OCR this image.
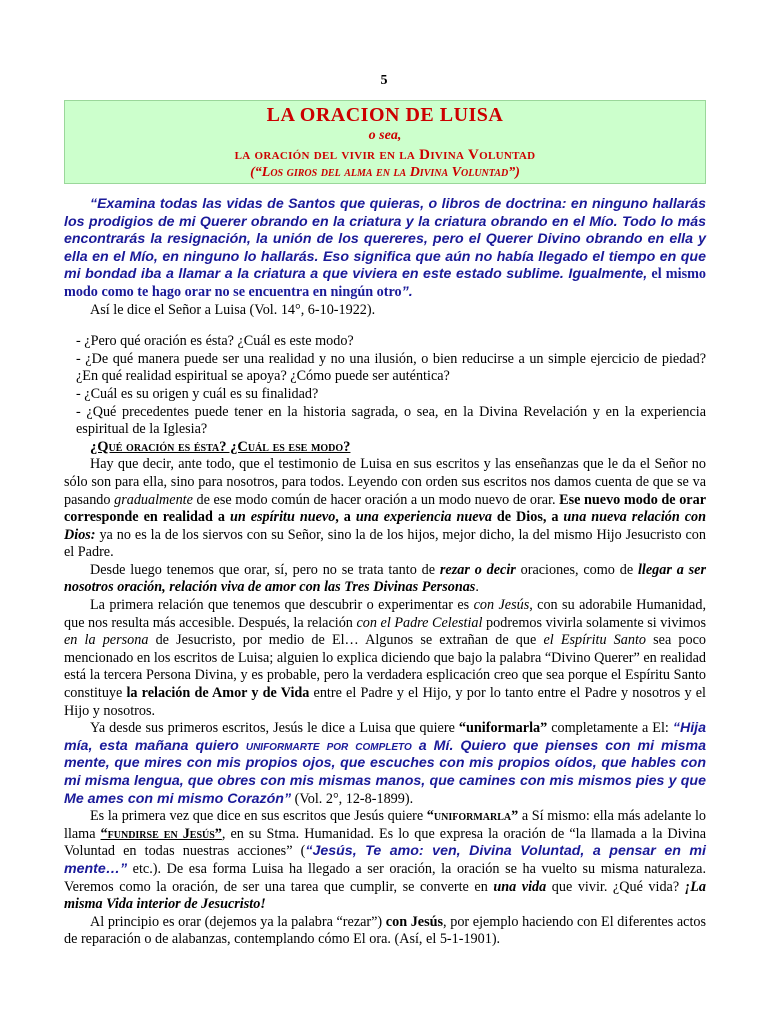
5
LA ORACION DE LUISA
o sea,
la oración del vivir en la Divina Voluntad
(“Los giros del alma en la Divina Voluntad”)

“Examina todas las vidas de Santos que quieras, o libros de doctrina: en ninguno hallarás los prodigios de mi Querer obrando en la criatura y la criatura obrando en el Mío. Todo lo más encontrarás la resignación, la unión de los quereres, pero el Querer Divino obrando en ella y ella en el Mío, en ninguno lo hallarás. Eso significa que aún no había llegado el tiempo en que mi bondad iba a llamar a la criatura a que viviera en este estado sublime. Igualmente, el mismo modo como te hago orar no se encuentra en ningún otro”.

Así le dice el Señor a Luisa (Vol. 14°, 6-10-1922).

- ¿Pero qué oración es ésta? ¿Cuál es este modo?

- ¿De qué manera puede ser una realidad y no una ilusión, o bien reducirse a un simple ejercicio de piedad? ¿En qué realidad espiritual se apoya? ¿Cómo puede ser auténtica?

- ¿Cuál es su origen y cuál es su finalidad?

- ¿Qué precedentes puede tener en la historia sagrada, o sea, en la Divina Revelación y en la experiencia espiritual de la Iglesia?

¿Qué oración es ésta? ¿Cuál es ese modo?

Hay que decir, ante todo, que el testimonio de Luisa en sus escritos y las enseñanzas que le da el Señor no sólo son para ella, sino para nosotros, para todos. Leyendo con orden sus escritos nos damos cuenta de que se va pasando gradualmente de ese modo común de hacer oración a un modo nuevo de orar. Ese nuevo modo de orar corresponde en realidad a un espíritu nuevo, a una experiencia nueva de Dios, a una nueva relación con Dios: ya no es la de los siervos con su Señor, sino la de los hijos, mejor dicho, la del mismo Hijo Jesucristo con el Padre.

Desde luego tenemos que orar, sí, pero no se trata tanto de rezar o decir oraciones, como de llegar a ser nosotros oración, relación viva de amor con las Tres Divinas Personas.

La primera relación que tenemos que descubrir o experimentar es con Jesús, con su adorabile Humanidad, que nos resulta más accesible. Después, la relación con el Padre Celestial podremos vivirla solamente si vivimos en la persona de Jesucristo, por medio de El… Algunos se extrañan de que el Espíritu Santo sea poco mencionado en los escritos de Luisa; alguien lo explica diciendo que bajo la palabra “Divino Querer” en realidad está la tercera Persona Divina, y es probable, pero la verdadera esplicación creo que sea porque el Espíritu Santo constituye la relación de Amor y de Vida entre el Padre y el Hijo, y por lo tanto entre el Padre y nosotros y el Hijo y nosotros.

Ya desde sus primeros escritos, Jesús le dice a Luisa que quiere “uniformarla” completamente a El: “Hija mía, esta mañana quiero uniformarte por completo a Mí. Quiero que pienses con mi misma mente, que mires con mis propios ojos, que escuches con mis propios oídos, que hables con mi misma lengua, que obres con mis mismas manos, que camines con mis mismos pies y que Me ames con mi mismo Corazón” (Vol. 2°, 12-8-1899).

Es la primera vez que dice en sus escritos que Jesús quiere “uniformarla” a Sí mismo: ella más adelante lo llama “fundirse en Jesús”, en su Stma. Humanidad. Es lo que expresa la oración de “la llamada a la Divina Voluntad en todas nuestras acciones” (“Jesús, Te amo: ven, Divina Voluntad, a pensar en mi mente…” etc.). De esa forma Luisa ha llegado a ser oración, la oración se ha vuelto su misma naturaleza. Veremos como la oración, de ser una tarea que cumplir, se converte en una vida que vivir. ¿Qué vida? ¡La misma Vida interior de Jesucristo!

Al principio es orar (dejemos ya la palabra “rezar”) con Jesús, por ejemplo haciendo con El diferentes actos de reparación o de alabanzas, contemplando cómo El ora. (Así, el 5-1-1901).
